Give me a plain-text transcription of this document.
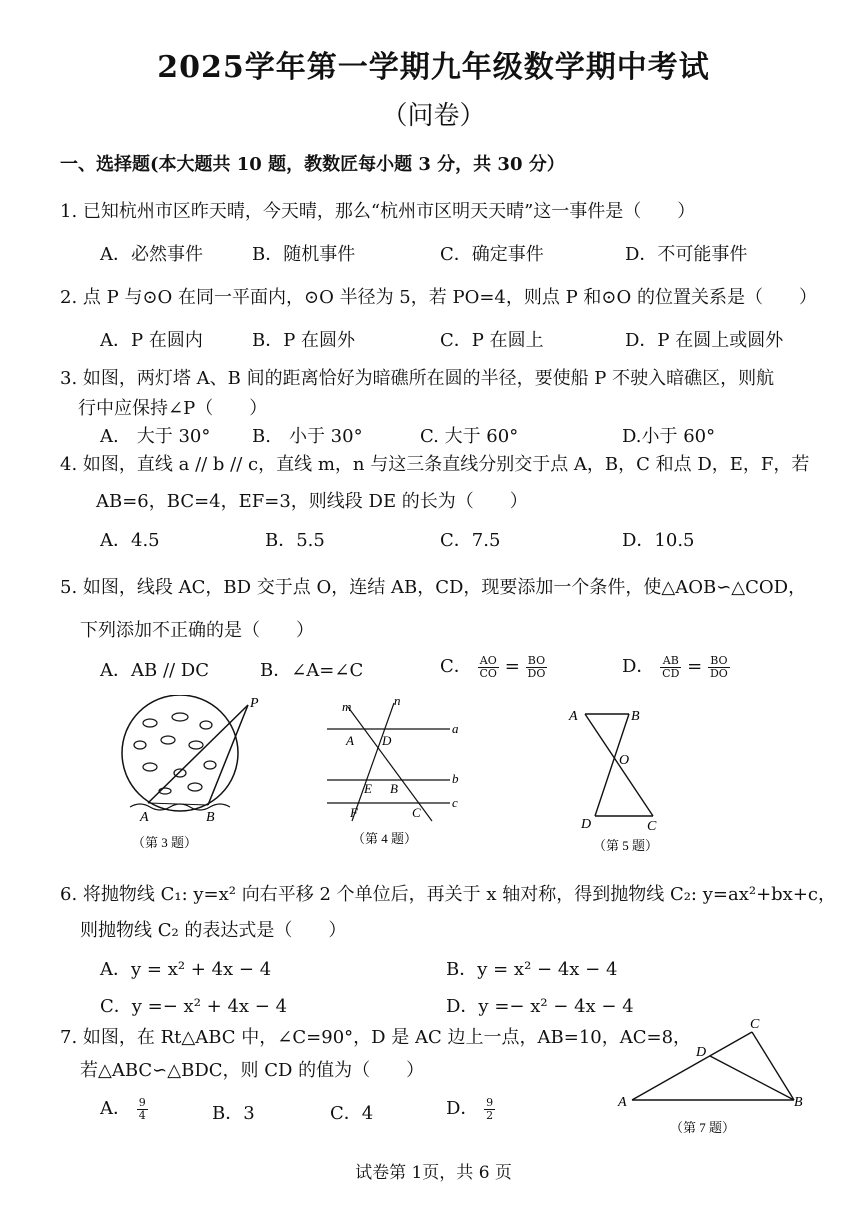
2025学年第一学期九年级数学期中考试
（问卷）
一、选择题(本大题共 10 题，教数匠每小题 3 分，共 30 分）
1. 已知杭州市区昨天晴，今天晴，那么“杭州市区明天天晴”这一事件是（　　）
A．必然事件	B．随机事件	C．确定事件	D．不可能事件
2. 点 P 与⊙O 在同一平面内，⊙O 半径为 5，若 PO=4，则点 P 和⊙O 的位置关系是（　　）
A．P 在圆内	B．P 在圆外	C．P 在圆上	D．P 在圆上或圆外
3. 如图，两灯塔 A、B 间的距离恰好为暗礁所在圆的半径，要使船 P 不驶入暗礁区，则航
行中应保持∠P（　　）
A.　大于 30° B.　小于 30°	C. 大于 60°	D.小于 60°
4. 如图，直线 a // b // c，直线 m，n 与这三条直线分别交于点 A，B，C 和点 D，E，F，若
AB=6，BC=4，EF=3，则线段 DE 的长为（　　）
A．4.5	B．5.5	C．7.5	D．10.5
5. 如图，线段 AC，BD 交于点 O，连结 AB，CD，现要添加一个条件，使△AOB∽△COD，
下列添加不正确的是（　　）
A．AB // DC	B．∠A=∠C	C． $\frac{AO}{CO} = \frac{BO}{DO}$	D． $\frac{AB}{CD} = \frac{BO}{DO}$
P
A	B
（第 3 题）
m	n
a
b
c
A D
E B
F	C
（第 4 题）
A	B
O
D	C
（第 5 题）
6. 将抛物线 C₁: y=x² 向右平移 2 个单位后，再关于 x 轴对称，得到抛物线 C₂: y=ax²+bx+c，
则抛物线 C₂ 的表达式是（　　）
A．y = x² + 4x − 4	B．y = x² − 4x − 4
C．y =− x² + 4x − 4	D．y =− x² − 4x − 4
7. 如图，在 Rt△ABC 中，∠C=90°，D 是 AC 边上一点，AB=10，AC=8，
若△ABC∽△BDC，则 CD 的值为（　　）
A． $\frac{9}{4}$	B．3	C．4	D． $\frac{9}{2}$	A	B
C
D
（第 7 题）
试卷第 1页，共 6 页
